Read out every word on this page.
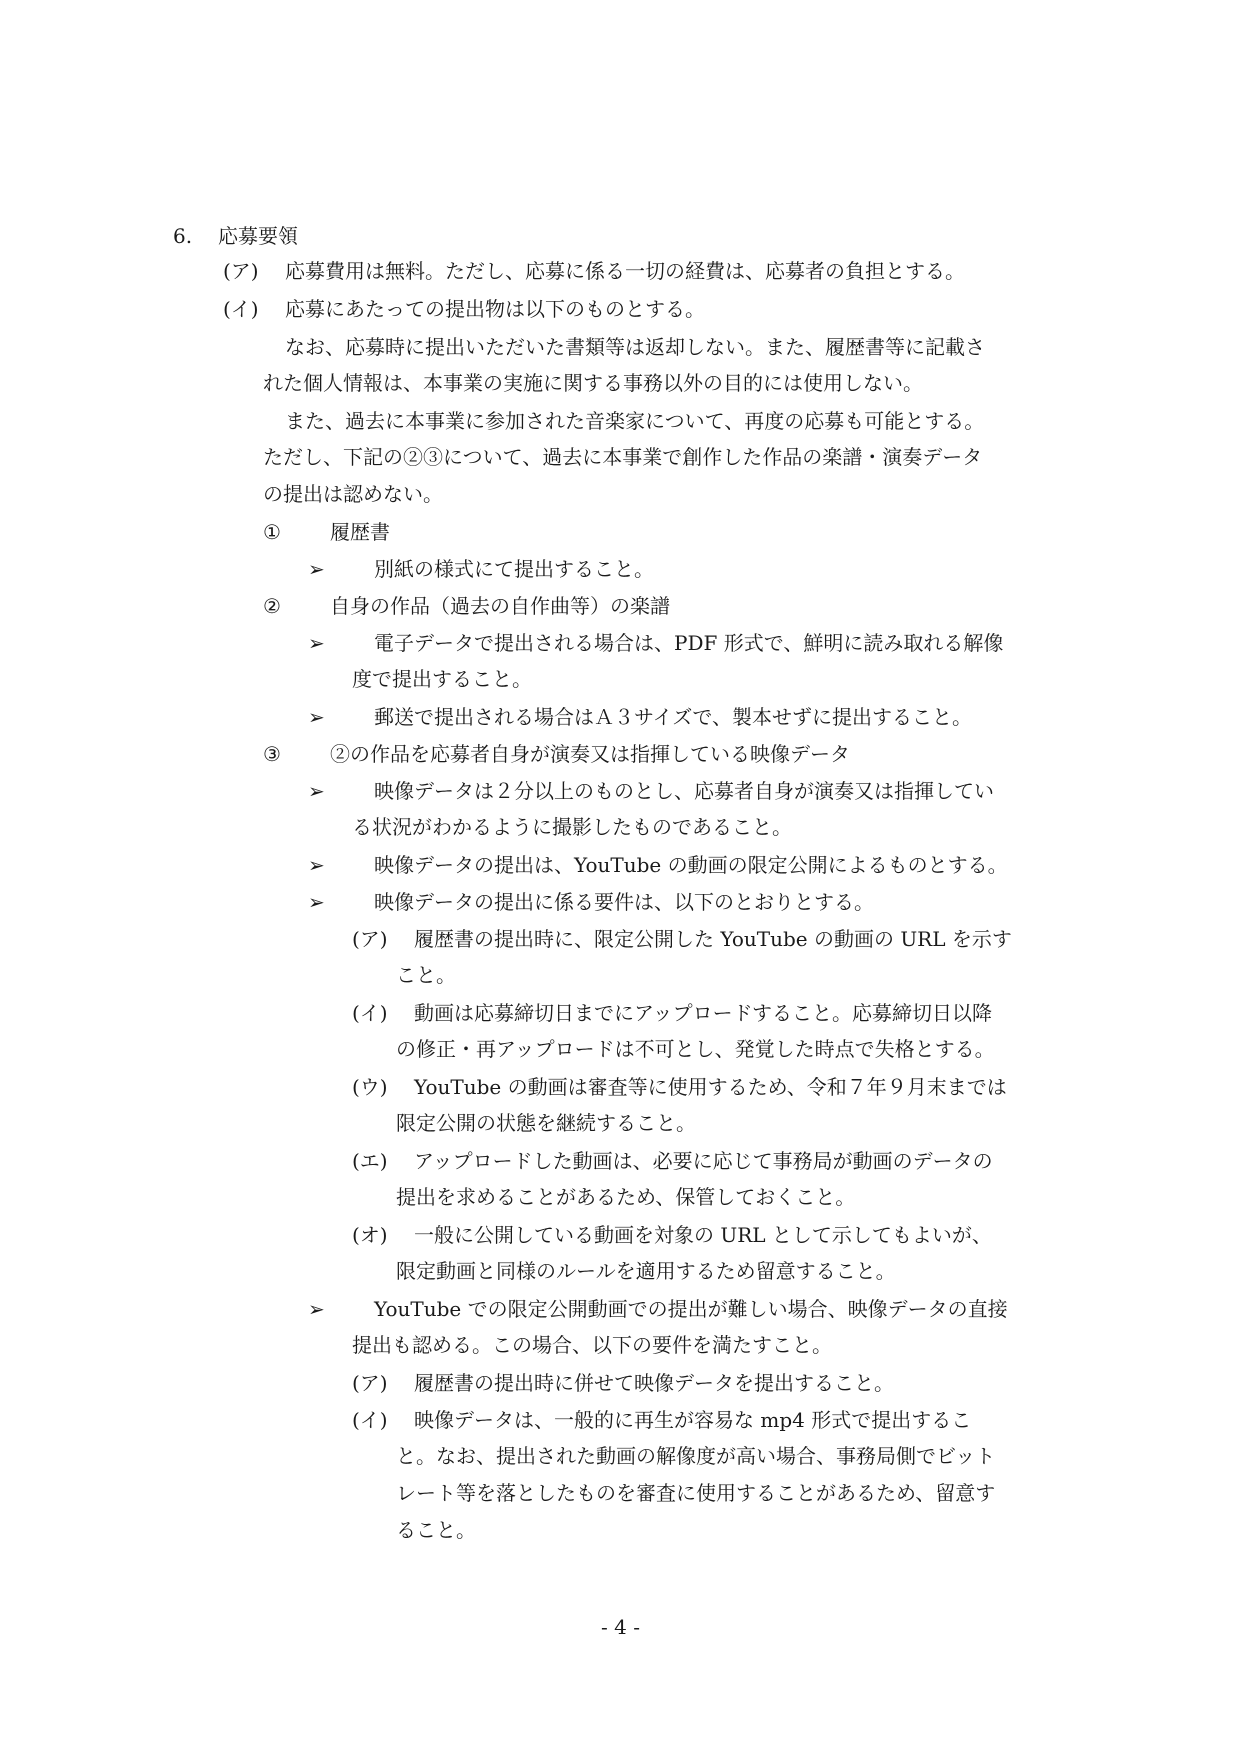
6. 応募要領
(ア) 応募費用は無料。ただし、応募に係る一切の経費は、応募者の負担とする。
(イ) 応募にあたっての提出物は以下のものとする。
なお、応募時に提出いただいた書類等は返却しない。また、履歴書等に記載さ
れた個人情報は、本事業の実施に関する事務以外の目的には使用しない。
また、過去に本事業に参加された音楽家について、再度の応募も可能とする。
ただし、下記の②③について、過去に本事業で創作した作品の楽譜・演奏データ
の提出は認めない。
① 履歴書
➢ 別紙の様式にて提出すること。
② 自身の作品（過去の自作曲等）の楽譜
➢ 電子データで提出される場合は、PDF 形式で、鮮明に読み取れる解像
度で提出すること。
➢ 郵送で提出される場合はＡ３サイズで、製本せずに提出すること。
③ ②の作品を応募者自身が演奏又は指揮している映像データ
➢ 映像データは２分以上のものとし、応募者自身が演奏又は指揮してい
る状況がわかるように撮影したものであること。
➢ 映像データの提出は、YouTube の動画の限定公開によるものとする。
➢ 映像データの提出に係る要件は、以下のとおりとする。
(ア) 履歴書の提出時に、限定公開した YouTube の動画の URL を示す
こと。
(イ) 動画は応募締切日までにアップロードすること。応募締切日以降
の修正・再アップロードは不可とし、発覚した時点で失格とする。
(ウ) YouTube の動画は審査等に使用するため、令和７年９月末までは
限定公開の状態を継続すること。
(エ) アップロードした動画は、必要に応じて事務局が動画のデータの
提出を求めることがあるため、保管しておくこと。
(オ) 一般に公開している動画を対象の URL として示してもよいが、
限定動画と同様のルールを適用するため留意すること。
➢ YouTube での限定公開動画での提出が難しい場合、映像データの直接
提出も認める。この場合、以下の要件を満たすこと。
(ア) 履歴書の提出時に併せて映像データを提出すること。
(イ) 映像データは、一般的に再生が容易な mp4 形式で提出するこ
と。なお、提出された動画の解像度が高い場合、事務局側でビット
レート等を落としたものを審査に使用することがあるため、留意す
ること。
- 4 -
